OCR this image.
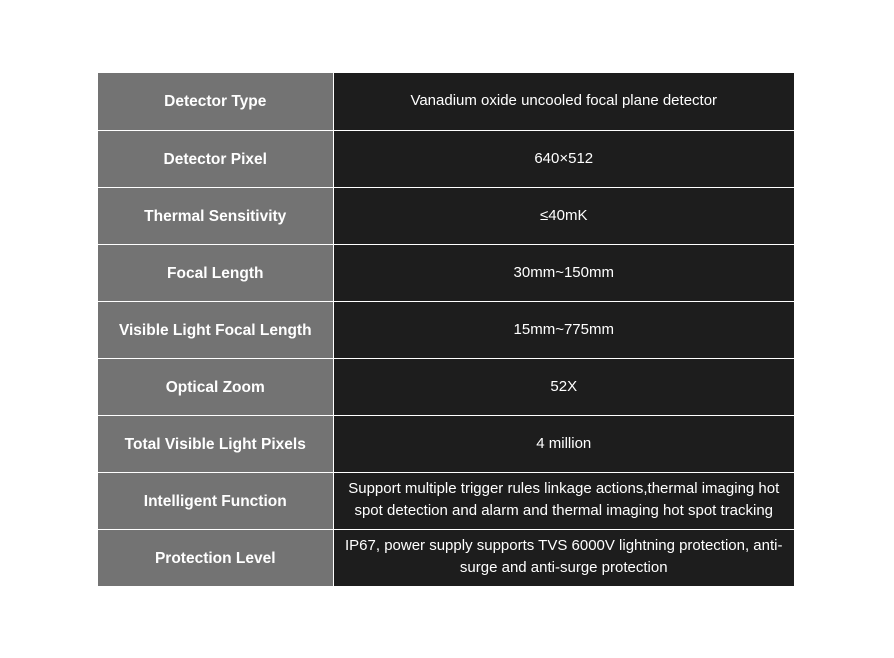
Detector Type	Vanadium oxide uncooled focal plane detector
Detector Pixel	640×512
Thermal Sensitivity	≤40mK
Focal Length	30mm~150mm
Visible Light Focal Length	15mm~775mm
Optical Zoom	52X
Total Visible Light Pixels	4 million
Intelligent Function	Support multiple trigger rules linkage actions,thermal imaging hot spot detection and alarm and thermal imaging hot spot tracking
Protection Level	IP67, power supply supports TVS 6000V lightning protection, anti-surge and anti-surge protection
